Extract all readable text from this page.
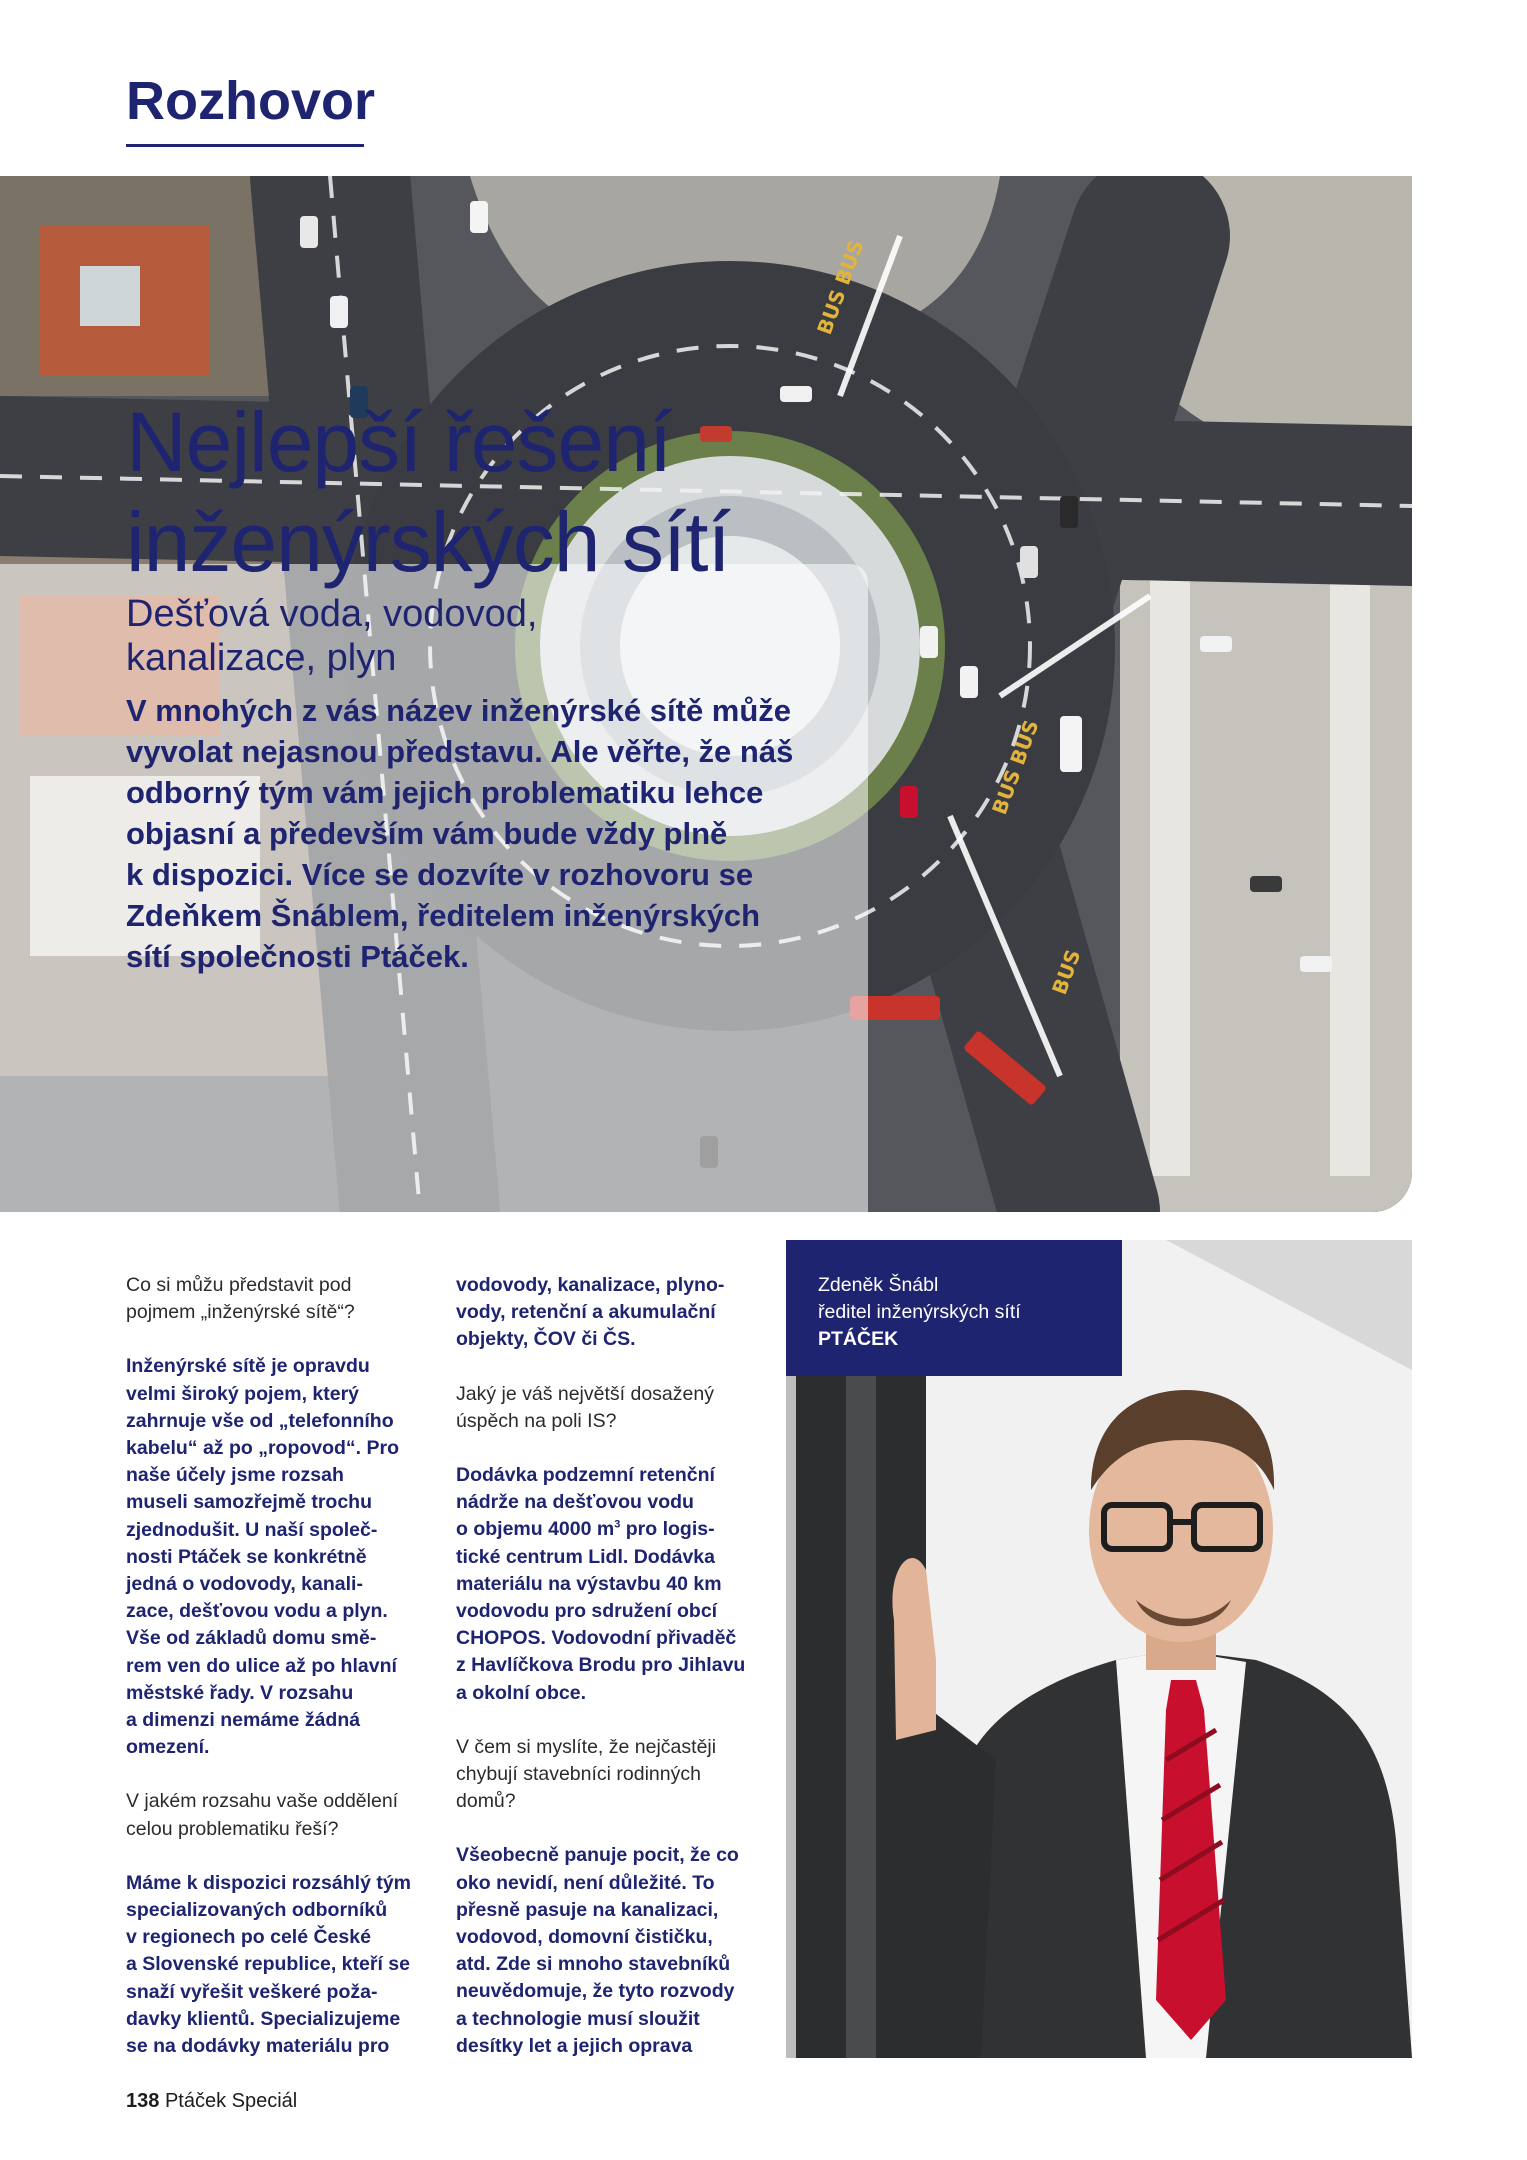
Rozhovor
BUS BUS
BUS BUS
BUS
Nejlepší řešení
inženýrských sítí

Dešťová voda, vodovod,
kanalizace, plyn

V mnohých z vás název inženýrské sítě může
vyvolat nejasnou představu. Ale věřte, že náš
odborný tým vám jejich problematiku lehce
objasní a především vám bude vždy plně
k dispozici. Více se dozvíte v rozhovoru se
Zdeňkem Šnáblem, ředitelem inženýrských
sítí společnosti Ptáček.

Co si můžu představit pod
pojmem „inženýrské sítě“?

Inženýrské sítě je opravdu
velmi široký pojem, který
zahrnuje vše od „telefonního
kabelu“ až po „ropovod“. Pro
naše účely jsme rozsah
museli samozřejmě trochu
zjednodušit. U naší společ-
nosti Ptáček se konkrétně
jedná o vodovody, kanali-
zace, dešťovou vodu a plyn.
Vše od základů domu smě-
rem ven do ulice až po hlavní
městské řady. V rozsahu
a dimenzi nemáme žádná
omezení.

V jakém rozsahu vaše oddělení
celou problematiku řeší?

Máme k dispozici rozsáhlý tým
specializovaných odborníků
v regionech po celé České
a Slovenské republice, kteří se
snaží vyřešit veškeré poža-
davky klientů. Specializujeme
se na dodávky materiálu pro

vodovody, kanalizace, plyno-
vody, retenční a akumulační
objekty, ČOV či ČS.

Jaký je váš největší dosažený
úspěch na poli IS?

Dodávka podzemní retenční
nádrže na dešťovou vodu
o objemu 4000 $m^3$ pro logis-
tické centrum Lidl. Dodávka
materiálu na výstavbu 40 km
vodovodu pro sdružení obcí
CHOPOS. Vodovodní přivaděč
z Havlíčkova Brodu pro Jihlavu
a okolní obce.

V čem si myslíte, že nejčastěji
chybují stavebníci rodinných
domů?

Všeobecně panuje pocit, že co
oko nevidí, není důležité. To
přesně pasuje na kanalizaci,
vodovod, domovní čističku,
atd. Zde si mnoho stavebníků
neuvědomuje, že tyto rozvody
a technologie musí sloužit
desítky let a jejich oprava

Zdeněk Šnábl

ředitel inženýrských sítí

PTÁČEK

138 Ptáček Speciál
